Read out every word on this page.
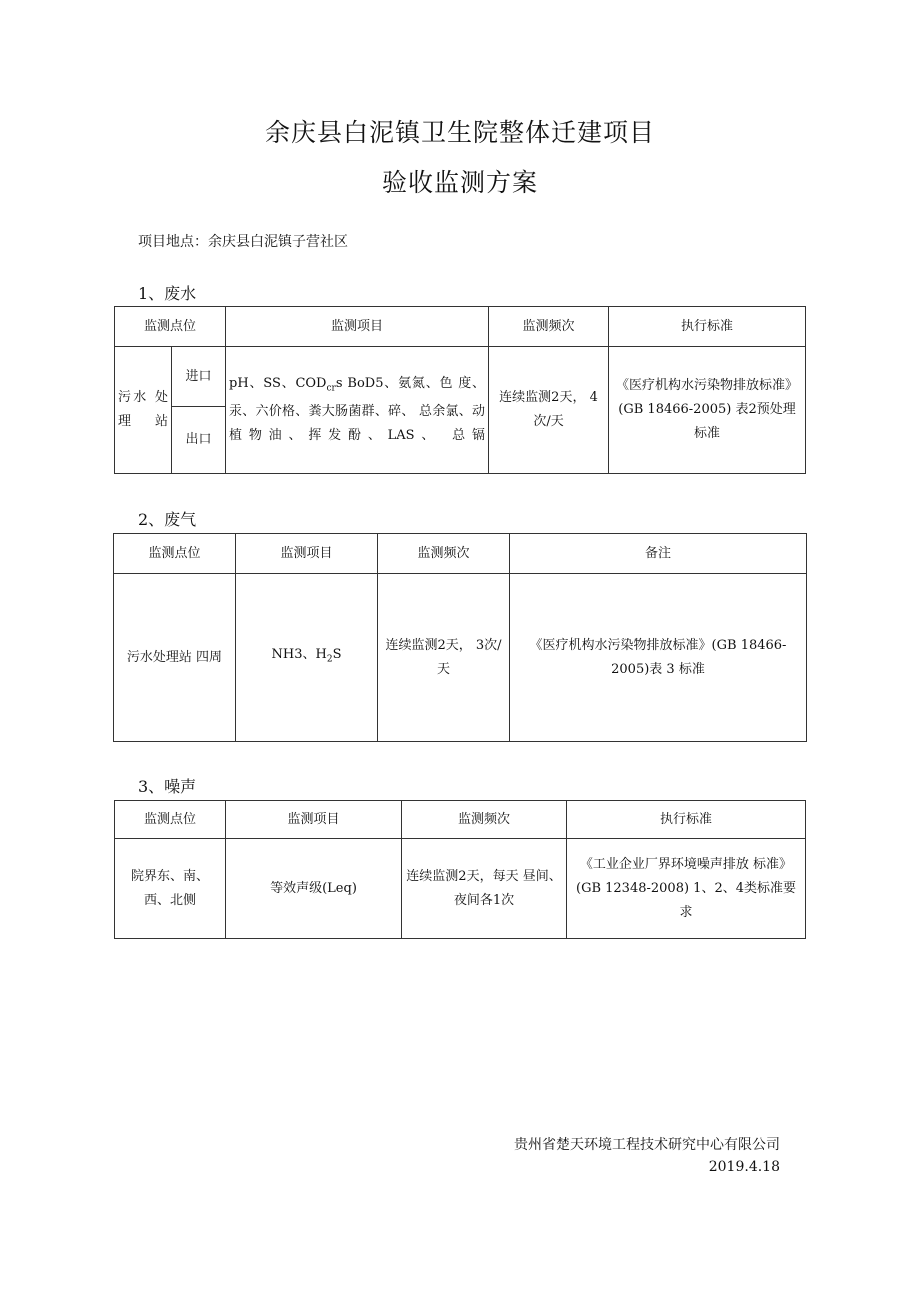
余庆县白泥镇卫生院整体迁建项目
验收监测方案
项目地点：余庆县白泥镇子营社区
1、废水
监测点位		监测项目	监测频次	执行标准
污水 处理 站	进口	pH、SS、$COD_{cr}s$ BoD5、氨氮、色 度、汞、六价格、粪大肠菌群、碎、 总余氯、动植物油、挥发酚、LAS、 总镉	连续监测2天， 4次/天	《医疗机构水污染物排放标准》(GB 18466-2005) 表2预处理标准
	出口			
2、废气
监测点位	监测项目	监测频次	备注
污水处理站 四周	NH3、$H_2S$	连续监测2天， 3次/天	《医疗机构水污染物排放标准》(GB 18466-2005)表 3 标准
3、噪声
监测点位	监测项目	监测频次	执行标准
院界东、南、西、北侧	等效声级(Leq)	连续监测2天，每天 昼间、夜间各1次	《工业企业厂界环境噪声排放 标准》(GB 12348-2008) 1、2、4类标准要求
贵州省楚天环境工程技术研究中心有限公司
2019.4.18
